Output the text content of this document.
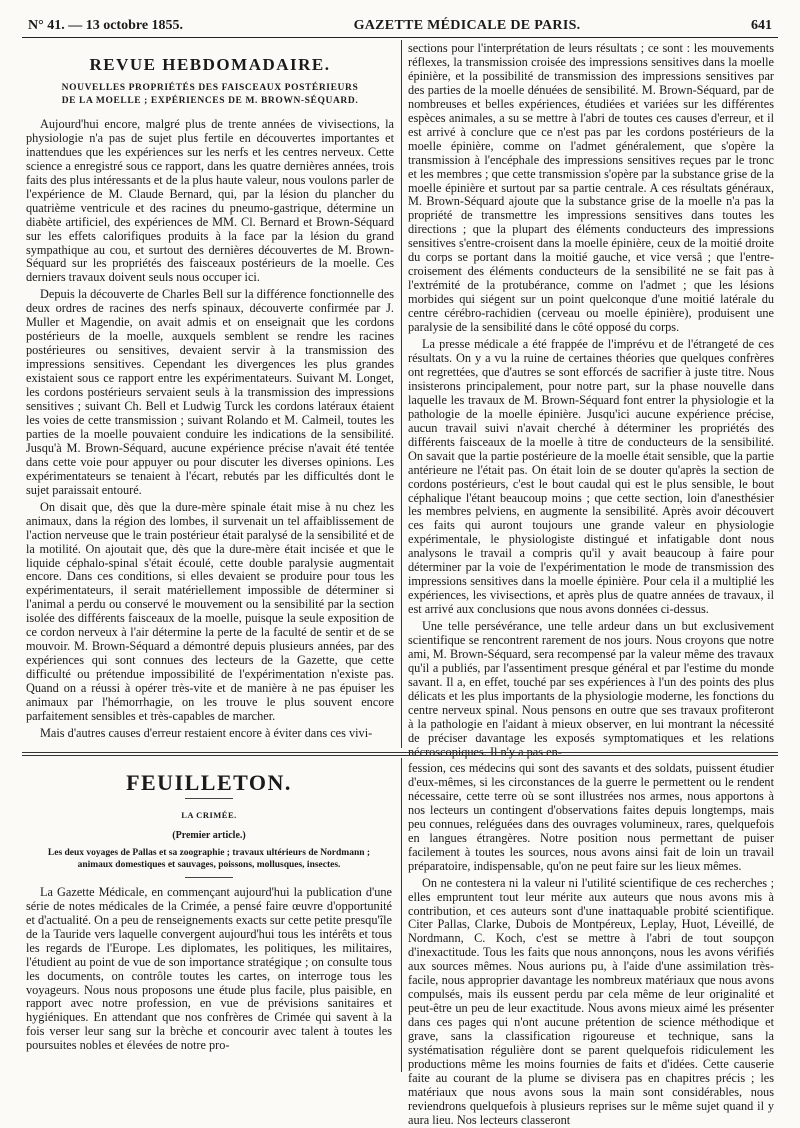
N° 41. — 13 octobre 1855.	GAZETTE MÉDICALE DE PARIS.	641
REVUE HEBDOMADAIRE.
NOUVELLES PROPRIÉTÉS DES FAISCEAUX POSTÉRIEURS
DE LA MOELLE ; EXPÉRIENCES DE M. BROWN-SÉQUARD.

Aujourd'hui encore, malgré plus de trente années de vivisections, la physiologie n'a pas de sujet plus fertile en découvertes importantes et inattendues que les expériences sur les nerfs et les centres nerveux. Cette science a enregistré sous ce rapport, dans les quatre dernières années, trois faits des plus intéressants et de la plus haute valeur, nous voulons parler de l'expérience de M. Claude Bernard, qui, par la lésion du plancher du quatrième ventricule et des racines du pneumo-gastrique, détermine un diabète artificiel, des expériences de MM. Cl. Bernard et Brown-Séquard sur les effets calorifiques produits à la face par la lésion du grand sympathique au cou, et surtout des dernières découvertes de M. Brown-Séquard sur les propriétés des faisceaux postérieurs de la moelle. Ces derniers travaux doivent seuls nous occuper ici.

Depuis la découverte de Charles Bell sur la différence fonctionnelle des deux ordres de racines des nerfs spinaux, découverte confirmée par J. Muller et Magendie, on avait admis et on enseignait que les cordons postérieurs de la moelle, auxquels semblent se rendre les racines postérieures ou sensitives, devaient servir à la transmission des impressions sensitives. Cependant les divergences les plus grandes existaient sous ce rapport entre les expérimentateurs. Suivant M. Longet, les cordons postérieurs servaient seuls à la transmission des impressions sensitives ; suivant Ch. Bell et Ludwig Turck les cordons latéraux étaient les voies de cette transmission ; suivant Rolando et M. Calmeil, toutes les parties de la moelle pouvaient conduire les indications de la sensibilité. Jusqu'à M. Brown-Séquard, aucune expérience précise n'avait été tentée dans cette voie pour appuyer ou pour discuter les diverses opinions. Les expérimentateurs se tenaient à l'écart, rebutés par les difficultés dont le sujet paraissait entouré.

On disait que, dès que la dure-mère spinale était mise à nu chez les animaux, dans la région des lombes, il survenait un tel affaiblissement de l'action nerveuse que le train postérieur était paralysé de la sensibilité et de la motilité. On ajoutait que, dès que la dure-mère était incisée et que le liquide céphalo-spinal s'était écoulé, cette double paralysie augmentait encore. Dans ces conditions, si elles devaient se produire pour tous les expérimentateurs, il serait matériellement impossible de déterminer si l'animal a perdu ou conservé le mouvement ou la sensibilité par la section isolée des différents faisceaux de la moelle, puisque la seule exposition de ce cordon nerveux à l'air détermine la perte de la faculté de sentir et de se mouvoir. M. Brown-Séquard a démontré depuis plusieurs années, par des expériences qui sont connues des lecteurs de la Gazette, que cette difficulté ou prétendue impossibilité de l'expérimentation n'existe pas. Quand on a réussi à opérer très-vite et de manière à ne pas épuiser les animaux par l'hémorrhagie, on les trouve le plus souvent encore parfaitement sensibles et très-capables de marcher.

Mais d'autres causes d'erreur restaient encore à éviter dans ces vivi-

sections pour l'interprétation de leurs résultats ; ce sont : les mouvements réflexes, la transmission croisée des impressions sensitives dans la moelle épinière, et la possibilité de transmission des impressions sensitives par des parties de la moelle dénuées de sensibilité. M. Brown-Séquard, par de nombreuses et belles expériences, étudiées et variées sur les différentes espèces animales, a su se mettre à l'abri de toutes ces causes d'erreur, et il est arrivé à conclure que ce n'est pas par les cordons postérieurs de la moelle épinière, comme on l'admet généralement, que s'opère la transmission à l'encéphale des impressions sensitives reçues par le tronc et les membres ; que cette transmission s'opère par la substance grise de la moelle épinière et surtout par sa partie centrale. A ces résultats généraux, M. Brown-Séquard ajoute que la substance grise de la moelle n'a pas la propriété de transmettre les impressions sensitives dans toutes les directions ; que la plupart des éléments conducteurs des impressions sensitives s'entre-croisent dans la moelle épinière, ceux de la moitié droite du corps se portant dans la moitié gauche, et vice versâ ; que l'entre-croisement des éléments conducteurs de la sensibilité ne se fait pas à l'extrémité de la protubérance, comme on l'admet ; que les lésions morbides qui siégent sur un point quelconque d'une moitié latérale du centre cérébro-rachidien (cerveau ou moelle épinière), produisent une paralysie de la sensibilité dans le côté opposé du corps.

La presse médicale a été frappée de l'imprévu et de l'étrangeté de ces résultats. On y a vu la ruine de certaines théories que quelques confrères ont regrettées, que d'autres se sont efforcés de sacrifier à juste titre. Nous insisterons principalement, pour notre part, sur la phase nouvelle dans laquelle les travaux de M. Brown-Séquard font entrer la physiologie et la pathologie de la moelle épinière. Jusqu'ici aucune expérience précise, aucun travail suivi n'avait cherché à déterminer les propriétés des différents faisceaux de la moelle à titre de conducteurs de la sensibilité. On savait que la partie postérieure de la moelle était sensible, que la partie antérieure ne l'était pas. On était loin de se douter qu'après la section de cordons postérieurs, c'est le bout caudal qui est le plus sensible, le bout céphalique l'étant beaucoup moins ; que cette section, loin d'anesthésier les membres pelviens, en augmente la sensibilité. Après avoir découvert ces faits qui auront toujours une grande valeur en physiologie expérimentale, le physiologiste distingué et infatigable dont nous analysons le travail a compris qu'il y avait beaucoup à faire pour déterminer par la voie de l'expérimentation le mode de transmission des impressions sensitives dans la moelle épinière. Pour cela il a multiplié les expériences, les vivisections, et après plus de quatre années de travaux, il est arrivé aux conclusions que nous avons données ci-dessus.

Une telle persévérance, une telle ardeur dans un but exclusivement scientifique se rencontrent rarement de nos jours. Nous croyons que notre ami, M. Brown-Séquard, sera recompensé par la valeur même des travaux qu'il a publiés, par l'assentiment presque général et par l'estime du monde savant. Il a, en effet, touché par ses expériences à l'un des points des plus délicats et les plus importants de la physiologie moderne, les fonctions du centre nerveux spinal. Nous pensons en outre que ses travaux profiteront à la pathologie en l'aidant à mieux observer, en lui montrant la nécessité de préciser davantage les exposés symptomatiques et les relations nécroscopiques. Il n'y a pas en-

FEUILLETON.
LA CRIMÉE.
(Premier article.)
Les deux voyages de Pallas et sa zoographie ; travaux ultérieurs de Nordmann ; animaux domestiques et sauvages, poissons, mollusques, insectes.

La Gazette Médicale, en commençant aujourd'hui la publication d'une série de notes médicales de la Crimée, a pensé faire œuvre d'opportunité et d'actualité. On a peu de renseignements exacts sur cette petite presqu'île de la Tauride vers laquelle convergent aujourd'hui tous les intérêts et tous les regards de l'Europe. Les diplomates, les politiques, les militaires, l'étudient au point de vue de son importance stratégique ; on consulte tous les documents, on contrôle toutes les cartes, on interroge tous les voyageurs. Nous nous proposons une étude plus facile, plus paisible, en rapport avec notre profession, en vue de prévisions sanitaires et hygiéniques. En attendant que nos confrères de Crimée qui savent à la fois verser leur sang sur la brèche et concourir avec talent à toutes les poursuites nobles et élevées de notre pro-

fession, ces médecins qui sont des savants et des soldats, puissent étudier d'eux-mêmes, si les circonstances de la guerre le permettent ou le rendent nécessaire, cette terre où se sont illustrées nos armes, nous apportons à nos lecteurs un contingent d'observations faites depuis longtemps, mais peu connues, reléguées dans des ouvrages volumineux, rares, quelquefois en langues étrangères. Notre position nous permettant de puiser facilement à toutes les sources, nous avons ainsi fait de loin un travail préparatoire, indispensable, qu'on ne peut faire sur les lieux mêmes.

On ne contestera ni la valeur ni l'utilité scientifique de ces recherches ; elles empruntent tout leur mérite aux auteurs que nous avons mis à contribution, et ces auteurs sont d'une inattaquable probité scientifique. Citer Pallas, Clarke, Dubois de Montpéreux, Leplay, Huot, Léveillé, de Nordmann, C. Koch, c'est se mettre à l'abri de tout soupçon d'inexactitude. Tous les faits que nous annonçons, nous les avons vérifiés aux sources mêmes. Nous aurions pu, à l'aide d'une assimilation très-facile, nous approprier davantage les nombreux matériaux que nous avons compulsés, mais ils eussent perdu par cela même de leur originalité et peut-être un peu de leur exactitude. Nous avons mieux aimé les présenter dans ces pages qui n'ont aucune prétention de science méthodique et grave, sans la classification rigoureuse et technique, sans la systématisation régulière dont se parent quelquefois ridiculement les productions même les moins fournies de faits et d'idées. Cette causerie faite au courant de la plume se divisera pas en chapitres précis ; les matériaux que nous avons sous la main sont considérables, nous reviendrons quelquefois à plusieurs reprises sur le même sujet quand il y aura lieu. Nos lecteurs classeront
